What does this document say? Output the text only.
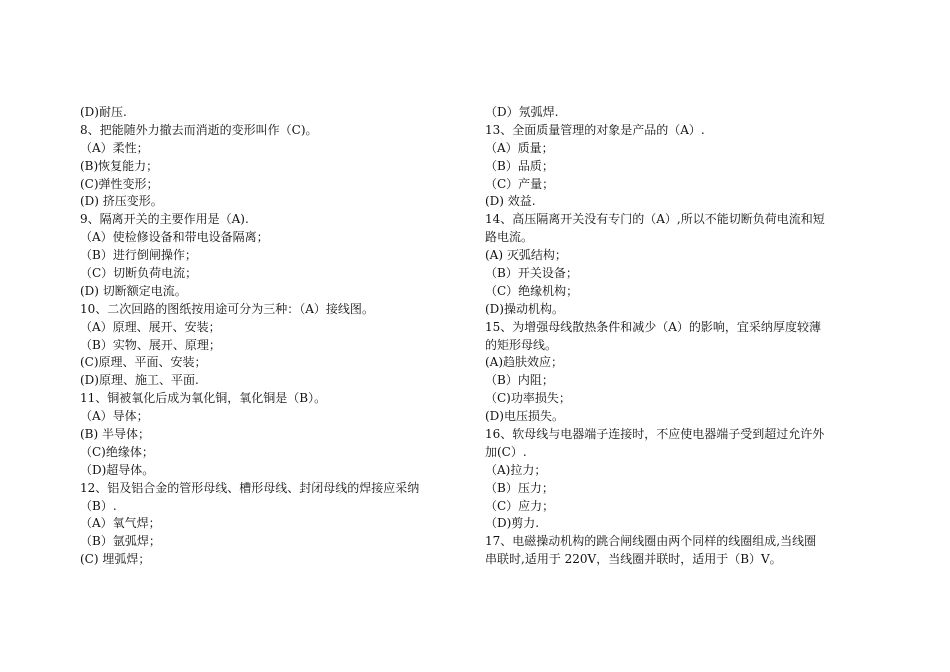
(D)耐压.
8、把能随外力撤去而消逝的变形叫作（C)。
（A）柔性；
(B)恢复能力；
(C)弹性变形；
(D) 挤压变形。
9、隔离开关的主要作用是（A).
（A）使检修设备和带电设备隔离；
（B）进行倒闸操作；
（C）切断负荷电流；
(D) 切断额定电流。
10、二次回路的图纸按用途可分为三种：（A）接线图。
（A）原理、展开、安装；
（B）实物、展开、原理；
(C)原理、平面、安装；
(D)原理、施工、平面.
11、铜被氧化后成为氧化铜，氧化铜是（B）。
（A）导体；
(B) 半导体；
（C)绝缘体；
（D)超导体。
12、铝及铝合金的管形母线、槽形母线、封闭母线的焊接应采纳
（B）.
（A）氧气焊；
（B）氩弧焊；
(C) 埋弧焊；
（D）氖弧焊.
13、全面质量管理的对象是产品的（A）.
（A）质量；
（B）品质；
（C）产量；
(D) 效益.
14、高压隔离开关没有专门的（A）,所以不能切断负荷电流和短
路电流。
(A) 灭弧结构；
（B）开关设备；
（C）绝缘机构；
(D)操动机构。
15、为增强母线散热条件和减少（A）的影响，宜采纳厚度较薄
的矩形母线。
(A)趋肤效应；
（B）内阻；
（C)功率损失；
(D)电压损失。
16、软母线与电器端子连接时，不应使电器端子受到超过允许外
加(C）.
（A)拉力；
（B）压力；
（C）应力；
（D)剪力.
17、电磁操动机构的跳合闸线圈由两个同样的线圈组成,当线圈
串联时,适用于 220V，当线圈并联时，适用于（B）V。
